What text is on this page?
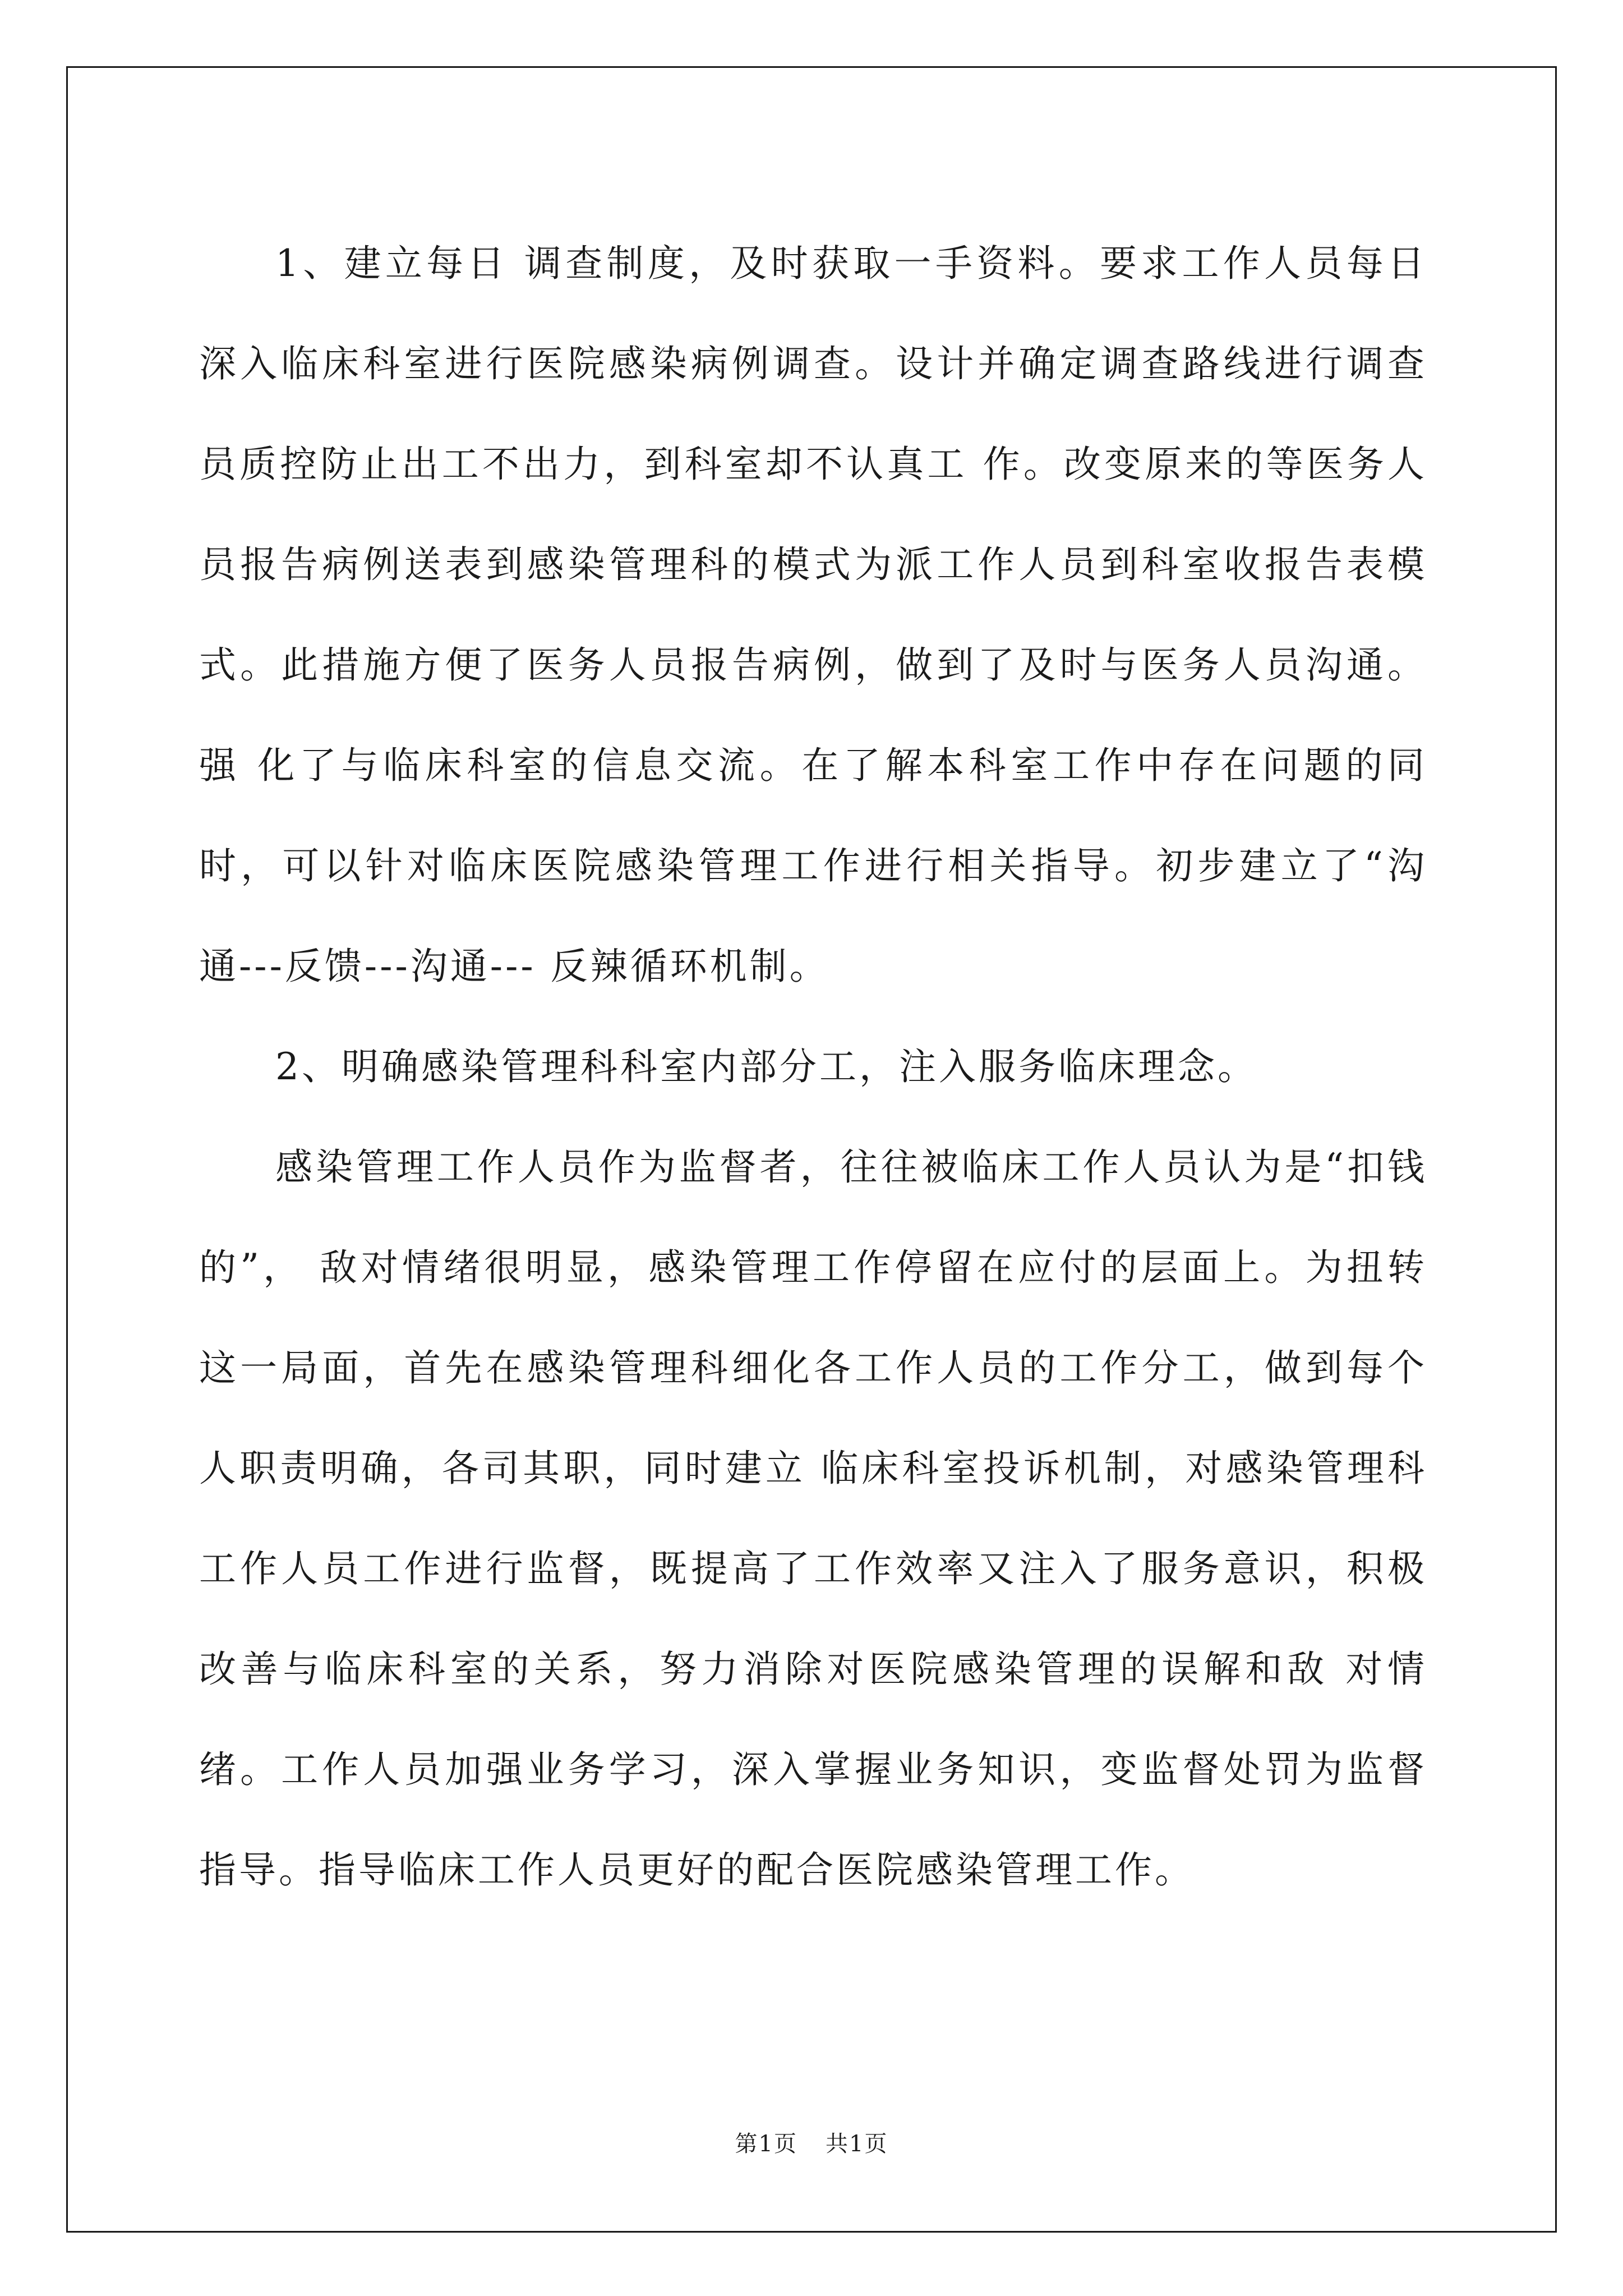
1、建立每日 调查制度，及时获取一手资料。要求工作人员每日深入临床科室进行医院感染病例调查。设计并确定调查路线进行调查员质控防止出工不出力，到科室却不认真工 作。改变原来的等医务人员报告病例送表到感染管理科的模式为派工作人员到科室收报告表模式。此措施方便了医务人员报告病例，做到了及时与医务人员沟通。强 化了与临床科室的信息交流。在了解本科室工作中存在问题的同时，可以针对临床医院感染管理工作进行相关指导。初步建立了“沟通---反馈---沟通--- 反辣循环机制。

2、明确感染管理科科室内部分工，注入服务临床理念。

感染管理工作人员作为监督者，往往被临床工作人员认为是“扣钱的”， 敌对情绪很明显，感染管理工作停留在应付的层面上。为扭转这一局面，首先在感染管理科细化各工作人员的工作分工，做到每个人职责明确，各司其职，同时建立 临床科室投诉机制，对感染管理科工作人员工作进行监督，既提高了工作效率又注入了服务意识，积极改善与临床科室的关系，努力消除对医院感染管理的误解和敌 对情绪。工作人员加强业务学习，深入掌握业务知识，变监督处罚为监督指导。指导临床工作人员更好的配合医院感染管理工作。

第1页 共1页
